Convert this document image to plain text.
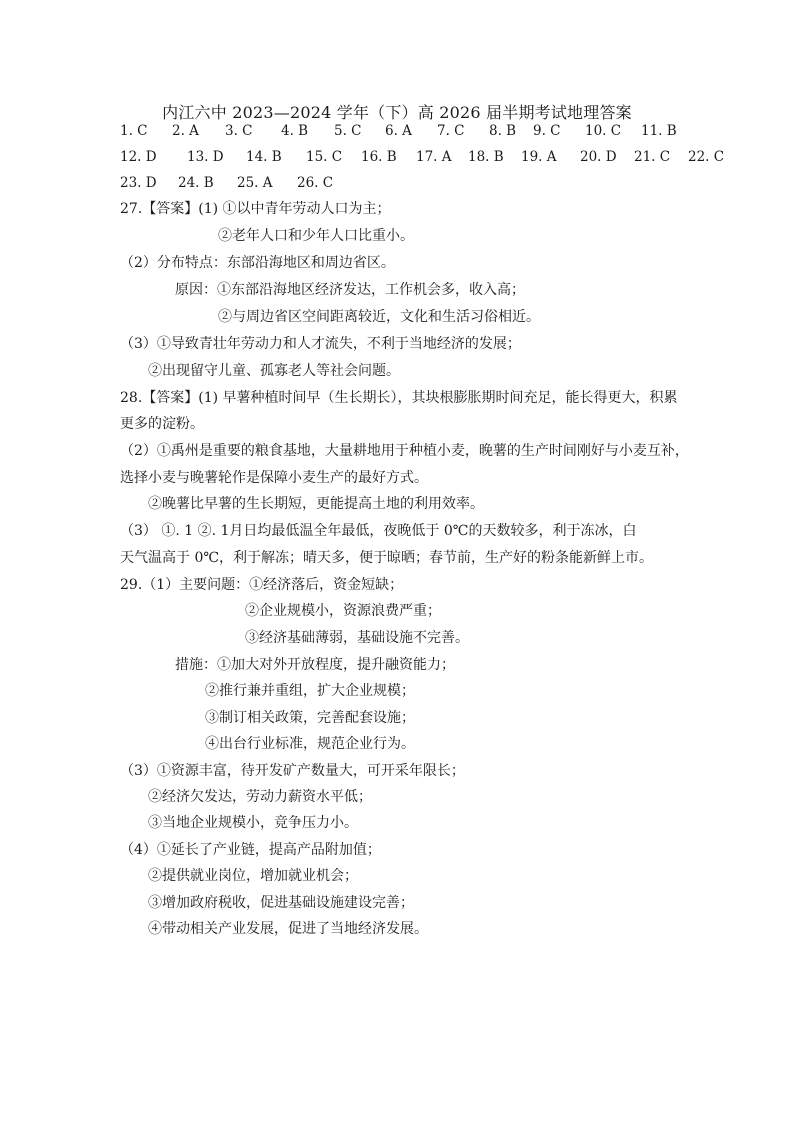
内江六中 2023—2024 学年（下）高 2026 届半期考试地理答案
1. C 2. A 3. C 4. B 5. C 6. A 7. C 8. B 9. C 10. C 11. B
12. D 13. D 14. B 15. C 16. B 17. A 18. B 19. A 20. D 21. C 22. C
23. D 24. B 25. A 26. C
27.【答案】(1) ①以中青年劳动人口为主；
②老年人口和少年人口比重小。
（2）分布特点：东部沿海地区和周边省区。
原因：①东部沿海地区经济发达，工作机会多，收入高；
②与周边省区空间距离较近，文化和生活习俗相近。
（3）①导致青壮年劳动力和人才流失，不利于当地经济的发展；
②出现留守儿童、孤寡老人等社会问题。
28.【答案】(1) 早薯种植时间早（生长期长），其块根膨胀期时间充足，能长得更大，积累
更多的淀粉。
（2）①禹州是重要的粮食基地，大量耕地用于种植小麦，晚薯的生产时间刚好与小麦互补，
选择小麦与晚薯轮作是保障小麦生产的最好方式。
②晚薯比早薯的生长期短，更能提高土地的利用效率。
（3） ①. 1 ②. 1月日均最低温全年最低，夜晚低于 0℃的天数较多，利于冻冰，白
天气温高于 0℃，利于解冻；晴天多，便于晾晒；春节前，生产好的粉条能新鲜上市。
29.（1）主要问题：①经济落后，资金短缺；
②企业规模小，资源浪费严重；
③经济基础薄弱，基础设施不完善。
措施：①加大对外开放程度，提升融资能力；
②推行兼并重组，扩大企业规模；
③制订相关政策，完善配套设施；
④出台行业标准，规范企业行为。
（3）①资源丰富，待开发矿产数量大，可开采年限长；
②经济欠发达，劳动力薪资水平低；
③当地企业规模小，竞争压力小。
（4）①延长了产业链，提高产品附加值；
②提供就业岗位，增加就业机会；
③增加政府税收，促进基础设施建设完善；
④带动相关产业发展，促进了当地经济发展。
